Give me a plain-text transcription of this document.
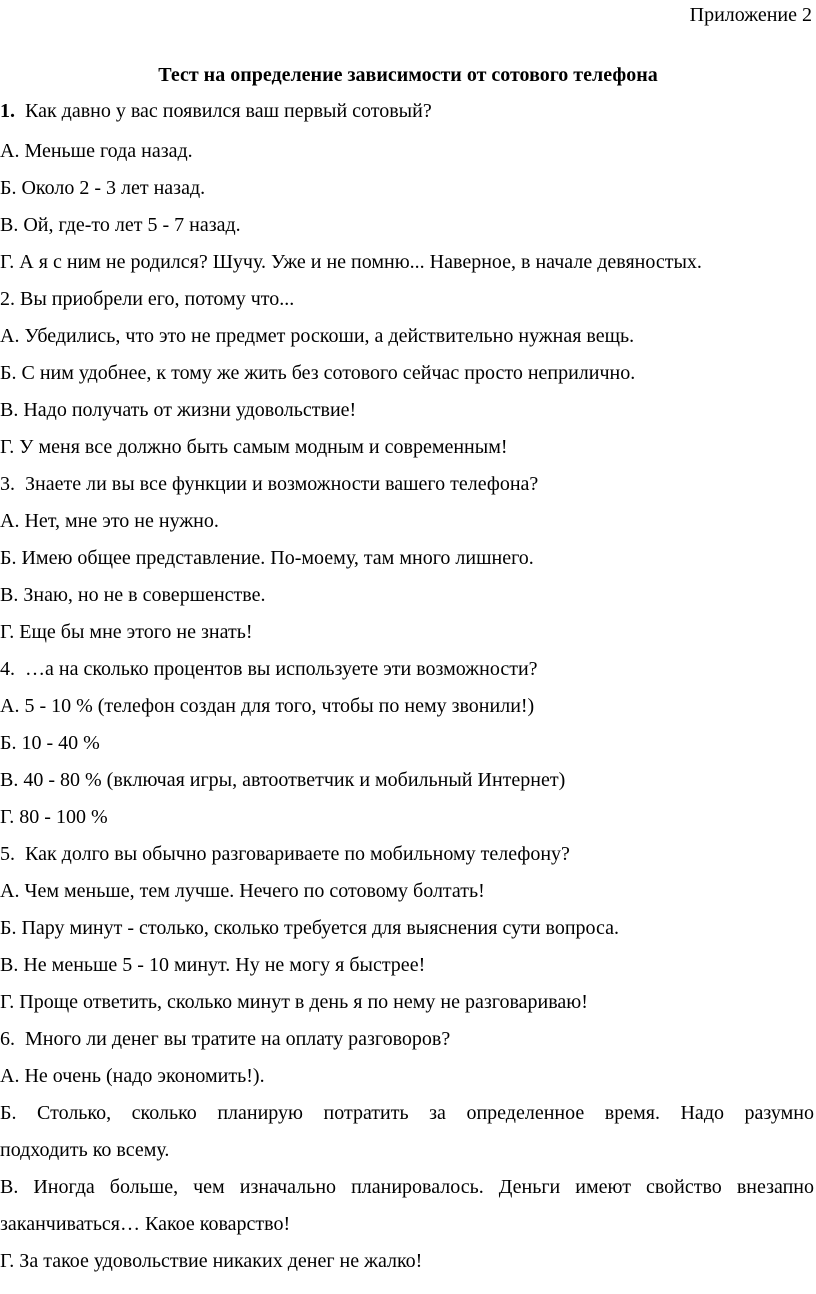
Приложение 2
Тест на определение зависимости от сотового телефона
1.  Как давно у вас появился ваш первый сотовый?
А. Меньше года назад.
Б. Около 2 - 3 лет назад.
В. Ой, где-то лет 5 - 7 назад.
Г. А я с ним не родился? Шучу. Уже и не помню... Наверное, в начале девяностых.
2. Вы приобрели его, потому что...
А. Убедились, что это не предмет роскоши, а действительно нужная вещь.
Б. С ним удобнее, к тому же жить без сотового сейчас просто неприлично.
В. Надо получать от жизни удовольствие!
Г. У меня все должно быть самым модным и современным!
3.  Знаете ли вы все функции и возможности вашего телефона?
А. Нет, мне это не нужно.
Б. Имею общее представление. По-моему, там много лишнего.
В. Знаю, но не в совершенстве.
Г. Еще бы мне этого не знать!
4.  …а на сколько процентов вы используете эти возможности?
А. 5 - 10 % (телефон создан для того, чтобы по нему звонили!)
Б. 10 - 40 %
В. 40 - 80 % (включая игры, автоответчик и мобильный Интернет)
Г. 80 - 100 %
5.  Как долго вы обычно разговариваете по мобильному телефону?
А. Чем меньше, тем лучше. Нечего по сотовому болтать!
Б. Пару минут - столько, сколько требуется для выяснения сути вопроса.
В. Не меньше 5 - 10 минут. Ну не могу я быстрее!
Г. Проще ответить, сколько минут в день я по нему не разговариваю!
6.  Много ли денег вы тратите на оплату разговоров?
А. Не очень (надо экономить!).
Б. Столько, сколько планирую потратить за определенное время. Надо разумно
подходить ко всему.
В. Иногда больше, чем изначально планировалось. Деньги имеют свойство внезапно
заканчиваться… Какое коварство!
Г. За такое удовольствие никаких денег не жалко!
